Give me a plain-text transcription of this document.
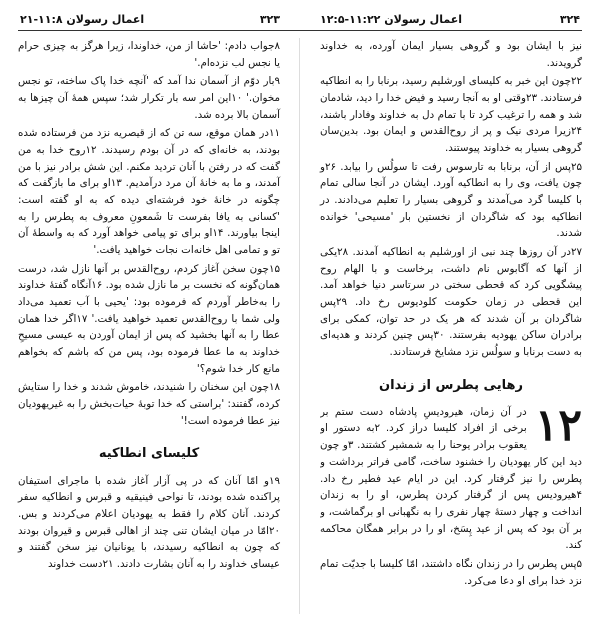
۳۲۴
اعمال رسولان ۱۱:۲۲-۱۲:۵
۳۲۳
اعمال رسولان ۱۱:۸-۲۱

نیز با ایشان بود و گروهی بسیار ایمان آورده، به خداوند گرویدند.

۲۲چون این خبر به کلیسای اورشلیم رسید، برنابا را به انطاکیه فرستادند. ۲۳وقتی او به آنجا رسید و فیض خدا را دید، شادمان شد و همه را ترغیب کرد تا با تمام دل به خداوند وفادار باشند، ۲۴زیرا مردی نیک و پر از روح‌القدس و ایمان بود. بدین‌سان گروهی بسیار به خداوند پیوستند.

۲۵پس از آن، برنابا به تارسوس رفت تا سولُس را بیابد. ۲۶و چون یافت، وی را به انطاکیه آورد. ایشان در آنجا سالی تمام با کلیسا گرد می‌آمدند و گروهی بسیار را تعلیم می‌دادند. در انطاکیه بود که شاگردان از نخستین بار 'مسیحی' خوانده شدند.

۲۷در آن روزها چند نبی از اورشلیم به انطاکیه آمدند. ۲۸یکی از آنها که آگابوس نام داشت، برخاست و با الهام روح پیشگویی کرد که قحطی سختی در سرتاسر دنیا خواهد آمد. این قحطی در زمان حکومت کلودیوس رخ داد. ۲۹پس شاگردان بر آن شدند که هر یک در حد توان، کمکی برای برادران ساکن یهودیه بفرستند. ۳۰پس چنین کردند و هدیه‌ای به دست برنابا و سولُس نزد مشایخ فرستادند.

رهایی پطرس از زندان
۱۲

در آن زمان، هیرودیسِ پادشاه دست ستم بر برخی از افراد کلیسا دراز کرد. ۲به دستور او یعقوب برادر یوحنا را به شمشیر کشتند. ۳و چون دید این کار یهودیان را خشنود ساخت، گامی فراتر برداشت و پطرس را نیز گرفتار کرد. این در ایام عید فطیر رخ داد. ۴هیرودیس پس از گرفتار کردن پطرس، او را به زندان انداخت و چهار دستهٔ چهار نفری را به نگهبانی او برگماشت، و بر آن بود که پس از عید پِسَخ، او را در برابر همگان محاکمه کند.

۵پس پطرس را در زندان نگاه داشتند، امّا کلیسا با جدیّت تمام نزد خدا برای او دعا می‌کرد.

۸جواب دادم: 'حاشا از من، خداوندا، زیرا هرگز به چیزی حرام یا نجس لب نزده‌ام.'

۹بار دوّم از آسمان ندا آمد که 'آنچه خدا پاک ساخته، تو نجس مخوان.' ۱۰این امر سه بار تکرار شد؛ سپس همهٔ آن چیزها به آسمان بالا برده شد.

۱۱در همان موقع، سه تن که از قیصریه نزد من فرستاده شده بودند، به خانه‌ای که در آن بودم رسیدند. ۱۲روح خدا به من گفت که در رفتن با آنان تردید مکنم. این شش برادر نیز با من آمدند، و ما به خانهٔ آن مرد درآمدیم. ۱۳او برای ما بازگفت که چگونه در خانهٔ خود فرشته‌ای دیده که به او گفته است: 'کسانی به یافا بفرست تا شَمعونِ معروف به پطرس را به اینجا بیاورند. ۱۴او برای تو پیامی خواهد آورد که به واسطهٔ آن تو و تمامی اهل خانه‌ات نجات خواهید یافت.'

۱۵چون سخن آغاز کردم، روح‌القدس بر آنها نازل شد، درست همان‌گونه که نخست بر ما نازل شده بود. ۱۶آنگاه گفتهٔ خداوند را به‌خاطر آوردم که فرموده بود: 'یحیی با آب تعمید می‌داد ولی شما با روح‌القدس تعمید خواهید یافت.' ۱۷اگر خدا همان عطا را به آنها بخشید که پس از ایمان آوردن به عیسی مسیحِ خداوند به ما عطا فرموده بود، پس من که باشم که بخواهم مانع کار خدا شوم؟'

۱۸چون این سخنان را شنیدند، خاموش شدند و خدا را ستایش کرده، گفتند: 'براستی که خدا توبهٔ حیات‌بخش را به غیریهودیان نیز عطا فرموده است!'

کلیسای انطاکیه

۱۹و امّا آنان که در پی آزار آغاز شده با ماجرای استیفان پراکنده شده بودند، تا نواحی فینیقیه و قبرس و انطاکیه سفر کردند. آنان کلام را فقط به یهودیان اعلام می‌کردند و بس. ۲۰امّا در میان ایشان تنی چند از اهالی قبرس و قیروان بودند که چون به انطاکیه رسیدند، با یونانیان نیز سخن گفتند و عیسای خداوند را به آنان بشارت دادند. ۲۱دست خداوند
